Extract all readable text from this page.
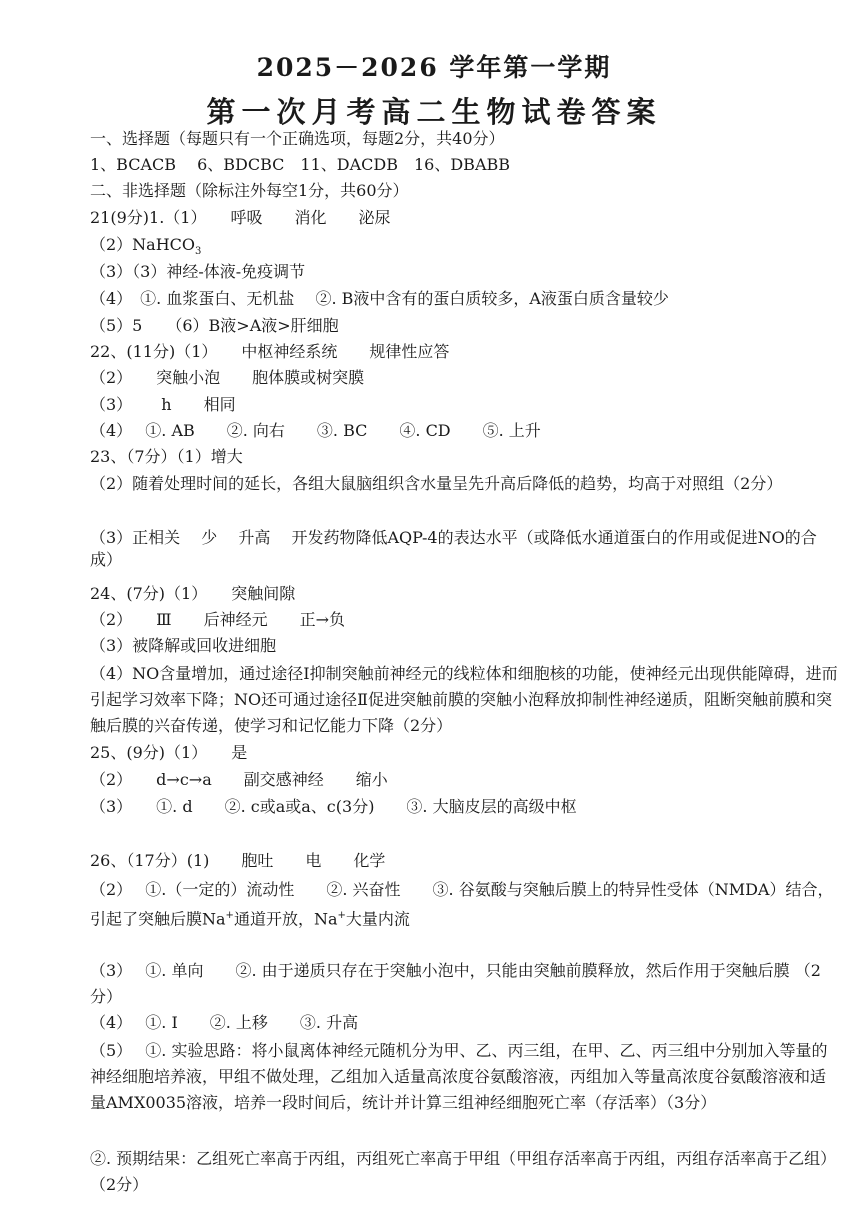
2025－2026 学年第一学期
第一次月考高二生物试卷答案
一、选择题（每题只有一个正确选项，每题2分，共40分）
1、BCACB　 6、BDCBC　11、DACDB　16、DBABB
二、非选择题（除标注外每空1分，共60分）
21(9分)1.（1）　　呼吸　　消化　　泌尿
（2）NaHCO$_3$
（3）（3）神经-体液-免疫调节
（4）　①. 血浆蛋白、无机盐　 ②. B液中含有的蛋白质较多，A液蛋白质含量较少
（5）5　　（6）B液>A液>肝细胞
22、(11分)（1）　　中枢神经系统　　规律性应答
（2）　　突触小泡　　胞体膜或树突膜
（3）　　 h　　相同
（4）　 ①. AB　　②. 向右　　③. BC　　④. CD　　⑤. 上升
23、（7分）（1）增大
（2）随着处理时间的延长，各组大鼠脑组织含水量呈先升高后降低的趋势，均高于对照组（2分）
（3）正相关　 少　 升高　 开发药物降低AQP-4的表达水平（或降低水通道蛋白的作用或促进NO的合成）
24、(7分)（1）　　突触间隙
（2）　　Ⅲ　　后神经元　　正→负
（3）被降解或回收进细胞
（4）NO含量增加，通过途径Ⅰ抑制突触前神经元的线粒体和细胞核的功能，使神经元出现供能障碍，进而引起学习效率下降；NO还可通过途径Ⅱ促进突触前膜的突触小泡释放抑制性神经递质，阻断突触前膜和突触后膜的兴奋传递，使学习和记忆能力下降（2分）
25、(9分)（1）　　是
（2）　　d→c→a　　副交感神经　　缩小
（3）　　①. d　　②. c或a或a、c(3分)　　③. 大脑皮层的高级中枢
26、（17分）(1)　　胞吐　　电　　化学
（2）　 ①.（一定的）流动性　　②. 兴奋性　　③. 谷氨酸与突触后膜上的特异性受体（NMDA）结合，引起了突触后膜Na+通道开放，Na+大量内流
（3）　 ①. 单向　　②. 由于递质只存在于突触小泡中，只能由突触前膜释放，然后作用于突触后膜 （2分）
（4）　 ①. Ⅰ　　②. 上移　　③. 升高
（5）　 ①. 实验思路：将小鼠离体神经元随机分为甲、乙、丙三组，在甲、乙、丙三组中分别加入等量的神经细胞培养液，甲组不做处理，乙组加入适量高浓度谷氨酸溶液，丙组加入等量高浓度谷氨酸溶液和适量AMX0035溶液，培养一段时间后，统计并计算三组神经细胞死亡率（存活率）（3分）
②. 预期结果：乙组死亡率高于丙组，丙组死亡率高于甲组（甲组存活率高于丙组，丙组存活率高于乙组）（2分）
